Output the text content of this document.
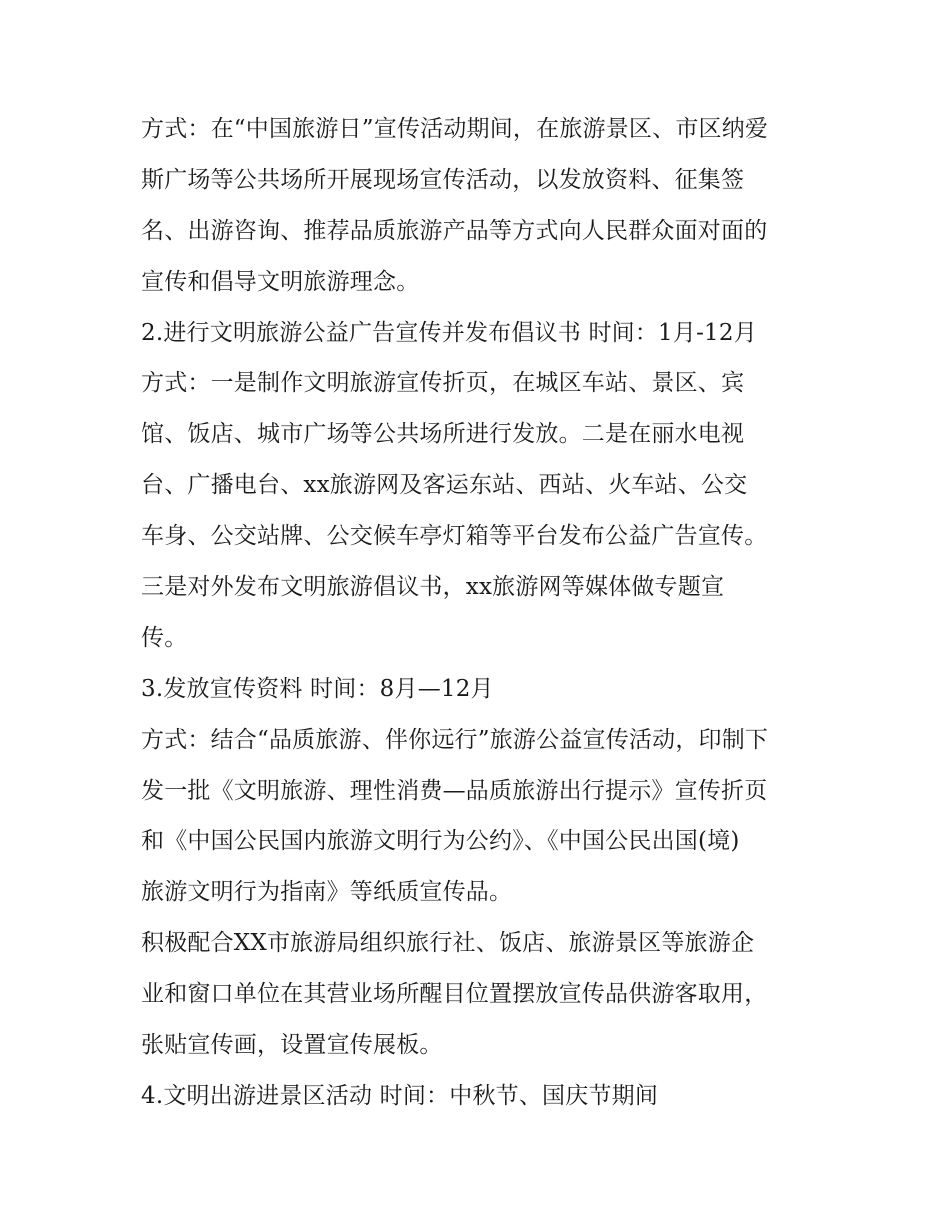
方式：在“中国旅游日”宣传活动期间，在旅游景区、市区纳爱
斯广场等公共场所开展现场宣传活动，以发放资料、征集签
名、出游咨询、推荐品质旅游产品等方式向人民群众面对面的
宣传和倡导文明旅游理念。
2.进行文明旅游公益广告宣传并发布倡议书 时间：1月-12月
方式：一是制作文明旅游宣传折页，在城区车站、景区、宾
馆、饭店、城市广场等公共场所进行发放。二是在丽水电视
台、广播电台、xx旅游网及客运东站、西站、火车站、公交
车身、公交站牌、公交候车亭灯箱等平台发布公益广告宣传。
三是对外发布文明旅游倡议书，xx旅游网等媒体做专题宣
传。
3.发放宣传资料 时间：8月—12月
方式：结合“品质旅游、伴你远行”旅游公益宣传活动，印制下
发一批《文明旅游、理性消费—品质旅游出行提示》宣传折页
和《中国公民国内旅游文明行为公约》、《中国公民出国(境)
旅游文明行为指南》等纸质宣传品。
积极配合XX市旅游局组织旅行社、饭店、旅游景区等旅游企
业和窗口单位在其营业场所醒目位置摆放宣传品供游客取用，
张贴宣传画，设置宣传展板。
4.文明出游进景区活动 时间：中秋节、国庆节期间
